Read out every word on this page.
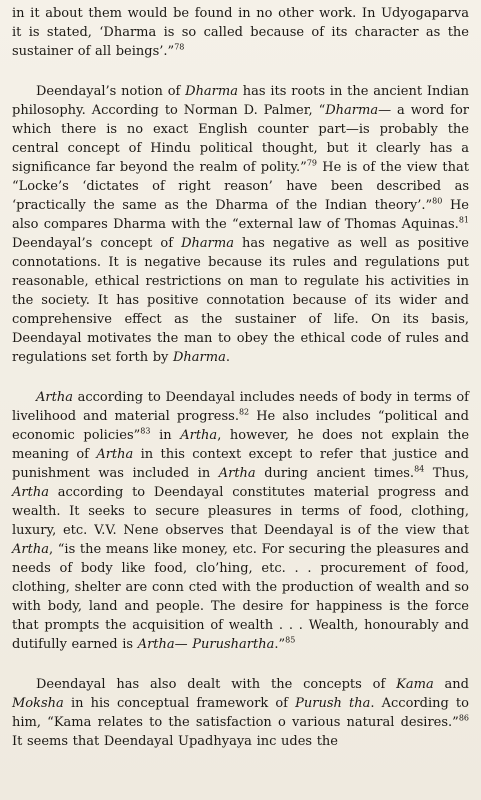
in it about them would be found in no other work. In Udyogaparva it is stated, ‘Dharma is so called because of its character as the sustainer of all beings’.”$^{78}$

Deendayal’s notion of Dharma has its roots in the ancient Indian philosophy. According to Norman D. Palmer, “Dharma— a word for which there is no exact English counter part—is probably the central concept of Hindu political thought, but it clearly has a significance far beyond the realm of polity.”$^{79}$ He is of the view that “Locke’s ‘dictates of right reason’ have been described as ‘practically the same as the Dharma of the Indian theory’.”$^{80}$ He also compares Dharma with the “external law of Thomas Aquinas.$^{81}$ Deendayal’s concept of Dharma has negative as well as positive connotations. It is negative because its rules and regulations put reasonable, ethical restrictions on man to regulate his activities in the society. It has positive connotation because of its wider and comprehensive effect as the sustainer of life. On its basis, Deendayal motivates the man to obey the ethical code of rules and regulations set forth by Dharma.

Artha according to Deendayal includes needs of body in terms of livelihood and material progress.$^{82}$ He also includes “political and economic policies”$^{83}$ in Artha, however, he does not explain the meaning of Artha in this context except to refer that justice and punishment was included in Artha during ancient times.$^{84}$ Thus, Artha according to Deendayal constitutes material progress and wealth. It seeks to secure pleasures in terms of food, clothing, luxury, etc. V.V. Nene observes that Deendayal is of the view that Artha, “is the means like money, etc. For securing the pleasures and needs of body like food, clo’hing, etc. . . procurement of food, clothing, shelter are conn cted with the production of wealth and so with body, land and people. The desire for happiness is the force that prompts the acquisition of wealth . . . Wealth, honourably and dutifully earned is Artha— Purushartha.”$^{85}$

Deendayal has also dealt with the concepts of Kama and Moksha in his conceptual framework of Purush tha. According to him, “Kama relates to the satisfaction o various natural desires.”$^{86}$ It seems that Deendayal Upadhyaya inc udes the
